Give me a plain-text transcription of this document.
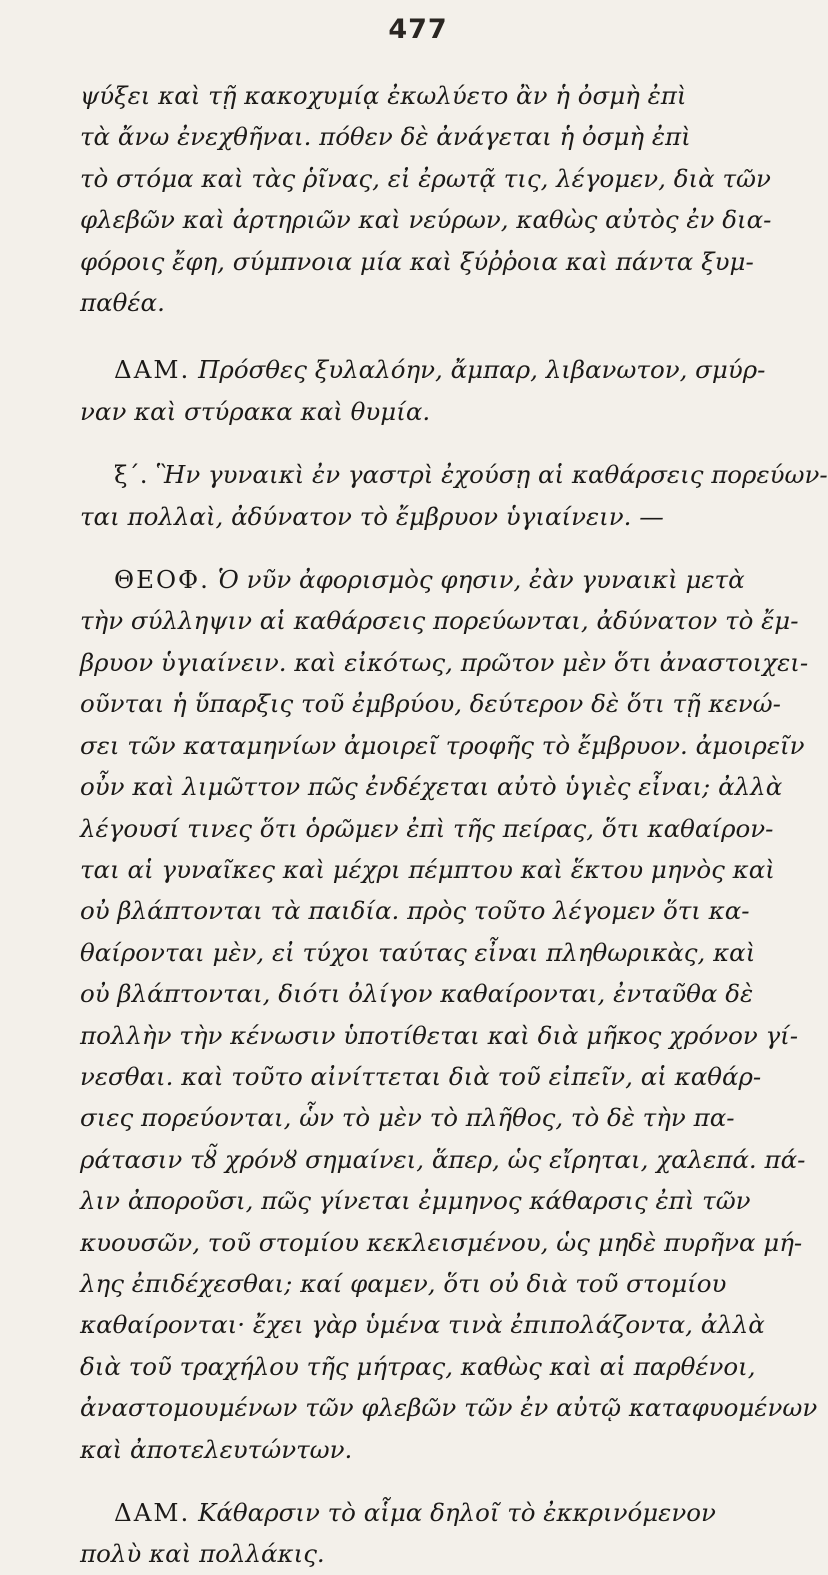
477
ψύξει καὶ τῇ κακοχυμίᾳ ἐκωλύετο ἂν ἡ ὀσμὴ ἐπὶ
τὰ ἄνω ἐνεχθῆναι. πόθεν δὲ ἀνάγεται ἡ ὀσμὴ ἐπὶ
τὸ στόμα καὶ τὰς ῥῖνας, εἰ ἐρωτᾷ τις, λέγομεν, διὰ τῶν
φλεβῶν καὶ ἀρτηριῶν καὶ νεύρων, καθὼς αὐτὸς ἐν δια-
φόροις ἔφη, σύμπνοια μία καὶ ξύῤῥοια καὶ πάντα ξυμ-
παθέα.
ΔΑΜ. Πρόσθες ξυλαλόην, ἄμπαρ, λιβανωτον, σμύρ-
ναν καὶ στύρακα καὶ θυμία.
ξ΄. Ἣν γυναικὶ ἐν γαστρὶ ἐχούσῃ αἱ καθάρσεις πορεύων-
ται πολλαὶ, ἀδύνατον τὸ ἔμβρυον ὑγιαίνειν. —
ΘΕΟΦ. Ὁ νῦν ἀφορισμὸς φησιν, ἐὰν γυναικὶ μετὰ
τὴν σύλληψιν αἱ καθάρσεις πορεύωνται, ἀδύνατον τὸ ἔμ-
βρυον ὑγιαίνειν. καὶ εἰκότως, πρῶτον μὲν ὅτι ἀναστοιχει-
οῦνται ἡ ὕπαρξις τοῦ ἐμβρύου, δεύτερον δὲ ὅτι τῇ κενώ-
σει τῶν καταμηνίων ἀμοιρεῖ τροφῆς τὸ ἔμβρυον. ἀμοιρεῖν
οὖν καὶ λιμῶττον πῶς ἐνδέχεται αὐτὸ ὑγιὲς εἶναι; ἀλλὰ
λέγουσί τινες ὅτι ὁρῶμεν ἐπὶ τῆς πείρας, ὅτι καθαίρον-
ται αἱ γυναῖκες καὶ μέχρι πέμπτου καὶ ἕκτου μηνὸς καὶ
οὐ βλάπτονται τὰ παιδία. πρὸς τοῦτο λέγομεν ὅτι κα-
θαίρονται μὲν, εἰ τύχοι ταύτας εἶναι πληθωρικὰς, καὶ
οὐ βλάπτονται, διότι ὀλίγον καθαίρονται, ἐνταῦθα δὲ
πολλὴν τὴν κένωσιν ὑποτίθεται καὶ διὰ μῆκος χρόνον γί-
νεσθαι. καὶ τοῦτο αἰνίττεται διὰ τοῦ εἰπεῖν, αἱ καθάρ-
σιες πορεύονται, ὧν τὸ μὲν τὸ πλῆθος, τὸ δὲ τὴν πα-
ράτασιν τȣ̃ χρόνȣ σημαίνει, ἅπερ, ὡς εἴρηται, χαλεπά. πά-
λιν ἀποροῦσι, πῶς γίνεται ἐμμηνος κάθαρσις ἐπὶ τῶν
κυουσῶν, τοῦ στομίου κεκλεισμένου, ὡς μηδὲ πυρῆνα μή-
λης ἐπιδέχεσθαι; καί φαμεν, ὅτι οὐ διὰ τοῦ στομίου
καθαίρονται· ἔχει γὰρ ὑμένα τινὰ ἐπιπολάζοντα, ἀλλὰ
διὰ τοῦ τραχήλου τῆς μήτρας, καθὼς καὶ αἱ παρθένοι,
ἀναστομουμένων τῶν φλεβῶν τῶν ἐν αὐτῷ καταφυομένων
καὶ ἀποτελευτώντων.
ΔΑΜ. Κάθαρσιν τὸ αἷμα δηλοῖ τὸ ἐκκρινόμενον
πολὺ καὶ πολλάκις.
